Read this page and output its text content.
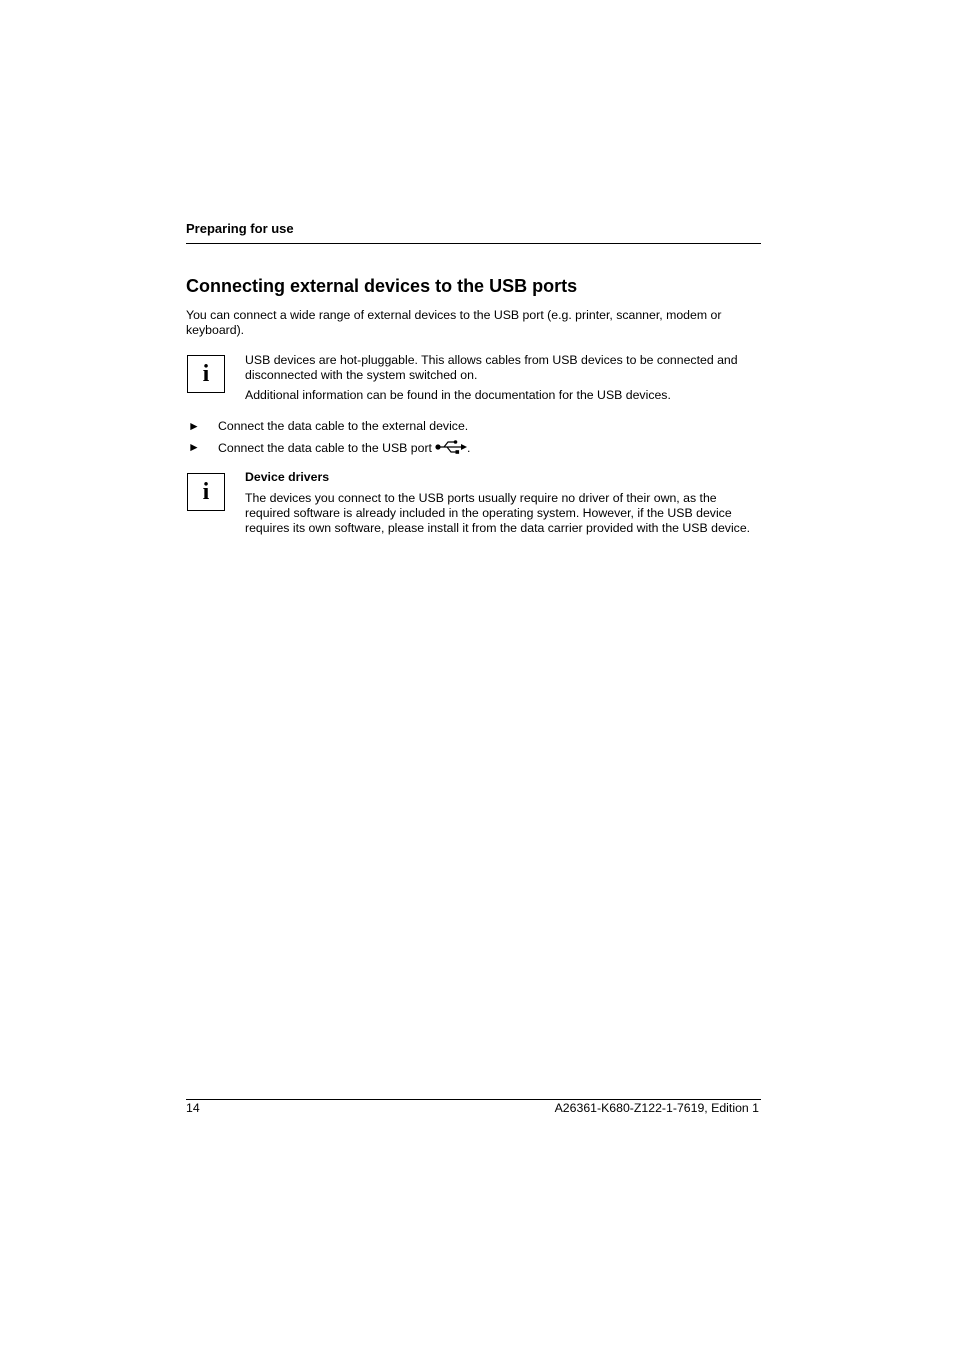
Preparing for use
Connecting external devices to the USB ports
You can connect a wide range of external devices to the USB port (e.g. printer, scanner, modem or keyboard).
i
USB devices are hot-pluggable. This allows cables from USB devices to be connected and disconnected with the system switched on.
Additional information can be found in the documentation for the USB devices.
► Connect the data cable to the external device.
► Connect the data cable to the USB port	.
i
Device drivers
The devices you connect to the USB ports usually require no driver of their own, as the required software is already included in the operating system. However, if the USB device requires its own software, please install it from the data carrier provided with the USB device.
14	A26361-K680-Z122-1-7619, Edition 1
